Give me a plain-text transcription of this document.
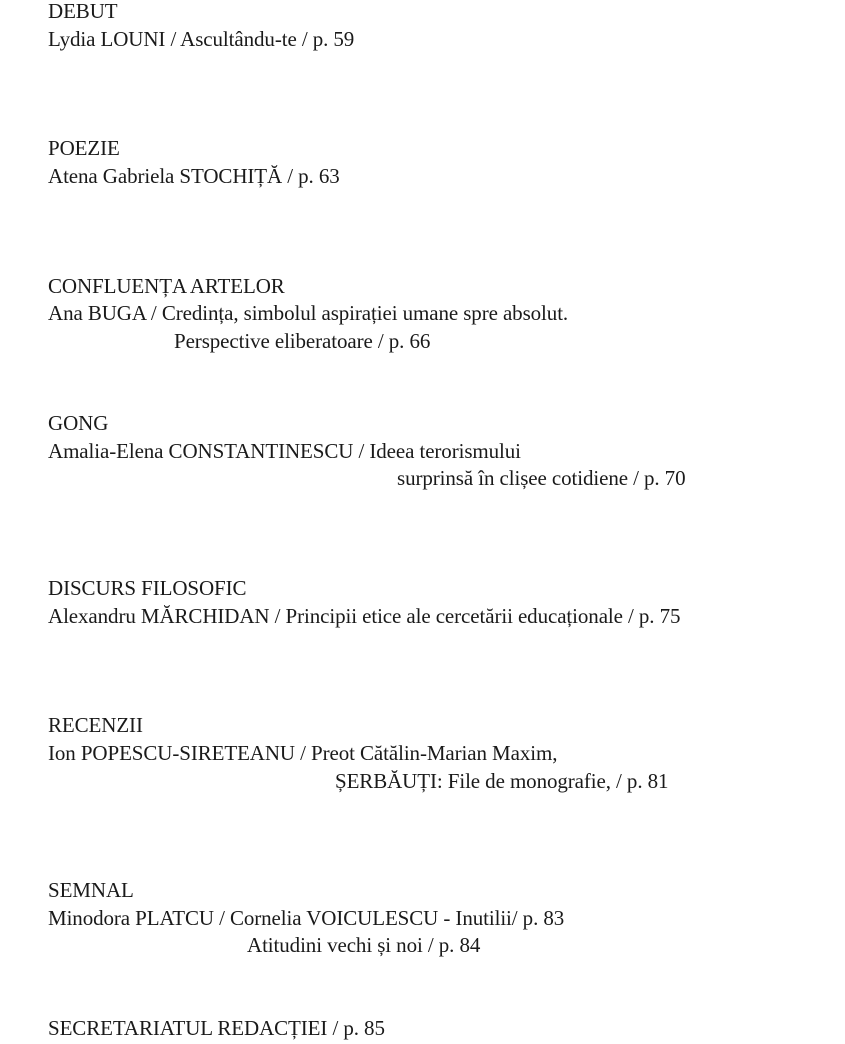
DEBUT
Lydia LOUNI / Ascultându-te / p. 59
POEZIE
Atena Gabriela STOCHIȚĂ / p. 63
CONFLUENȚA ARTELOR
Ana BUGA / Credința, simbolul aspirației umane spre absolut.
Perspective eliberatoare / p. 66
GONG
Amalia-Elena CONSTANTINESCU / Ideea terorismului
surprinsă în clișee cotidiene / p. 70
DISCURS FILOSOFIC
Alexandru MĂRCHIDAN / Principii etice ale cercetării educaționale / p. 75
RECENZII
Ion POPESCU-SIRETEANU / Preot Cătălin-Marian Maxim,
ȘERBĂUȚI: File de monografie, / p. 81
SEMNAL
Minodora PLATCU / Cornelia VOICULESCU - Inutilii/ p. 83
Atitudini vechi și noi / p. 84
SECRETARIATUL REDACȚIEI / p. 85
